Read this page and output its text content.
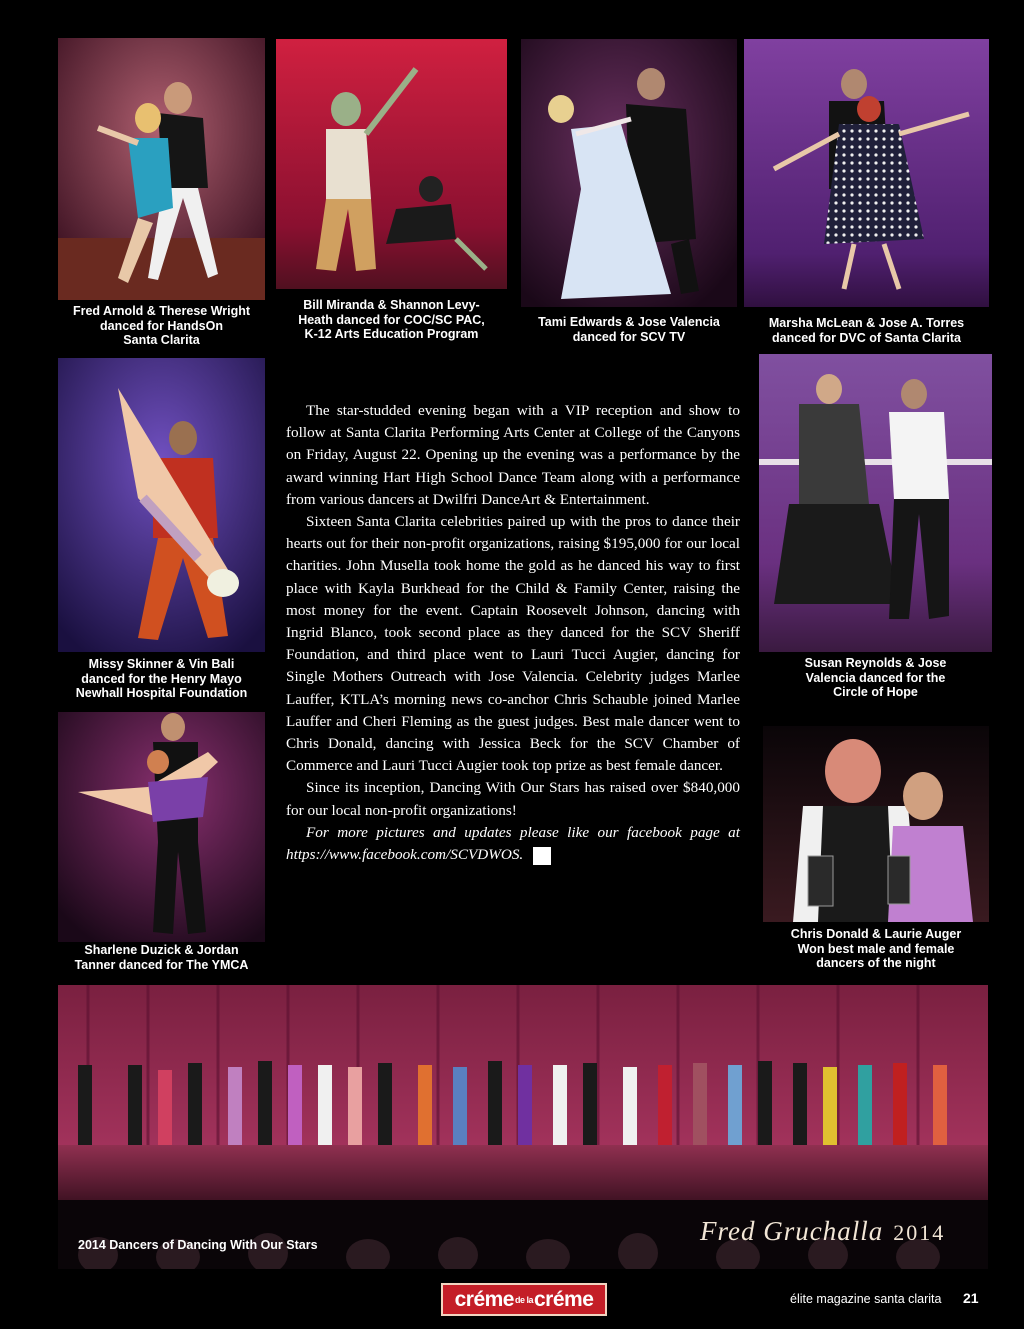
Fred Arnold & Therese Wright
danced for HandsOn
Santa Clarita
Bill Miranda & Shannon Levy-
Heath danced for COC/SC PAC,
K-12 Arts Education Program
Tami Edwards & Jose Valencia
danced for SCV TV
Marsha McLean & Jose A. Torres
danced for DVC of Santa Clarita
Missy Skinner & Vin Bali
danced for the Henry Mayo
Newhall Hospital Foundation
Susan Reynolds & Jose
Valencia danced for the
Circle of Hope
Sharlene Duzick & Jordan
Tanner danced for The YMCA
Chris Donald & Laurie Auger
Won best male and female
dancers of the night

The star-studded evening began with a VIP reception and show to follow at Santa Clarita Performing Arts Center at College of the Canyons on Friday, August 22. Opening up the evening was a performance by the award winning Hart High School Dance Team along with a performance from various dancers at Dwilfri DanceArt & Entertainment.

Sixteen Santa Clarita celebrities paired up with the pros to dance their hearts out for their non-profit organizations, raising $195,000 for our local charities. John Musella took home the gold as he danced his way to first place with Kayla Burkhead for the Child & Family Center, raising the most money for the event. Captain Roosevelt Johnson, dancing with Ingrid Blanco, took second place as they danced for the SCV Sheriff Foundation, and third place went to Lauri Tucci Augier, dancing for Single Mothers Outreach with Jose Valencia. Celebrity judges Marlee Lauffer, KTLA’s morning news co-anchor Chris Schauble joined Marlee Lauffer and Cheri Fleming as the guest judges. Best male dancer went to Chris Donald, dancing with Jessica Beck for the SCV Chamber of Commerce and Lauri Tucci Augier took top prize as best female dancer.

Since its inception, Dancing With Our Stars has raised over $840,000 for our local non-profit organizations!

For more pictures and updates please like our facebook page at https://www.facebook.com/SCVDWOS. é

2014 Dancers of Dancing With Our Stars	Fred Gruchalla 2014
créme de la créme	élite magazine santa clarita 21
